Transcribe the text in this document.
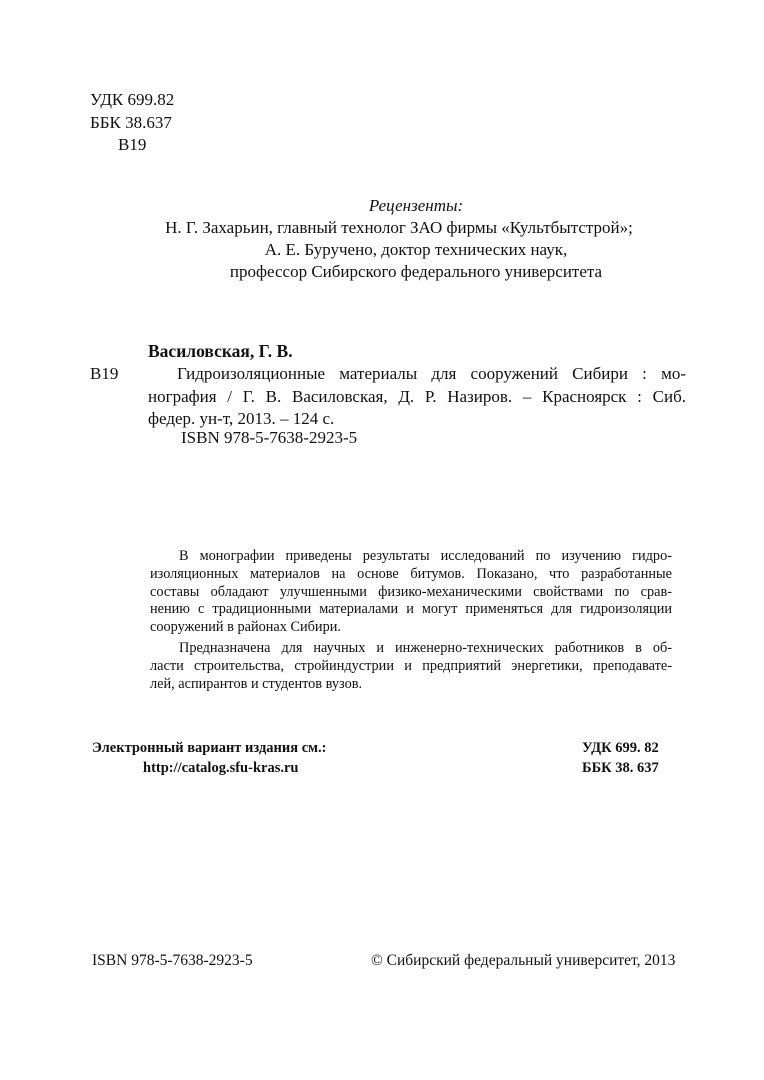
УДК 699.82
ББК 38.637
В19
Рецензенты:
Н. Г. Захарьин, главный технолог ЗАО фирмы «Культбытстрой»;
А. Е. Буручено, доктор технических наук,
профессор Сибирского федерального университета
Василовская, Г. В.
В19	Гидроизоляционные материалы для сооружений Сибири : мо-
нография / Г. В. Василовская, Д. Р. Назиров. – Красноярск : Сиб.
федер. ун-т, 2013. – 124 с.
ISBN 978-5-7638-2923-5
В монографии приведены результаты исследований по изучению гидро-
изоляционных материалов на основе битумов. Показано, что разработанные
составы обладают улучшенными физико-механическими свойствами по срав-
нению с традиционными материалами и могут применяться для гидроизоляции
сооружений в районах Сибири.
Предназначена для научных и инженерно-технических работников в об-
ласти строительства, стройиндустрии и предприятий энергетики, преподавате-
лей, аспирантов и студентов вузов.
Электронный вариант издания см.:
http://catalog.sfu-kras.ru
УДК 699. 82
ББК 38. 637
ISBN 978-5-7638-2923-5	© Сибирский федеральный университет, 2013
